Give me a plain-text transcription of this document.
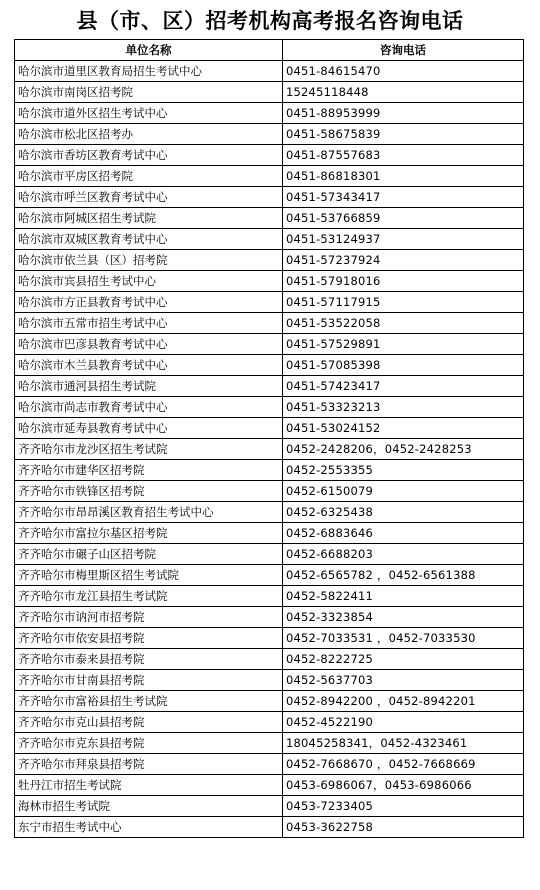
县（市、区）招考机构高考报名咨询电话
单位名称	咨询电话
哈尔滨市道里区教育局招生考试中心	0451-84615470
哈尔滨市南岗区招考院	15245118448
哈尔滨市道外区招生考试中心	0451-88953999
哈尔滨市松北区招考办	0451-58675839
哈尔滨市香坊区教育考试中心	0451-87557683
哈尔滨市平房区招考院	0451-86818301
哈尔滨市呼兰区教育考试中心	0451-57343417
哈尔滨市阿城区招生考试院	0451-53766859
哈尔滨市双城区教育考试中心	0451-53124937
哈尔滨市依兰县（区）招考院	0451-57237924
哈尔滨市宾县招生考试中心	0451-57918016
哈尔滨市方正县教育考试中心	0451-57117915
哈尔滨市五常市招生考试中心	0451-53522058
哈尔滨市巴彦县教育考试中心	0451-57529891
哈尔滨市木兰县教育考试中心	0451-57085398
哈尔滨市通河县招生考试院	0451-57423417
哈尔滨市尚志市教育考试中心	0451-53323213
哈尔滨市延寿县教育考试中心	0451-53024152
齐齐哈尔市龙沙区招生考试院	0452-2428206，0452-2428253
齐齐哈尔市建华区招考院	0452-2553355
齐齐哈尔市铁锋区招考院	0452-6150079
齐齐哈尔市昂昂溪区教育招生考试中心	0452-6325438
齐齐哈尔市富拉尔基区招考院	0452-6883646
齐齐哈尔市碾子山区招考院	0452-6688203
齐齐哈尔市梅里斯区招生考试院	0452-6565782 ，0452-6561388
齐齐哈尔市龙江县招生考试院	0452-5822411
齐齐哈尔市讷河市招考院	0452-3323854
齐齐哈尔市依安县招考院	0452-7033531 ，0452-7033530
齐齐哈尔市泰来县招考院	0452-8222725
齐齐哈尔市甘南县招考院	0452-5637703
齐齐哈尔市富裕县招生考试院	0452-8942200 ，0452-8942201
齐齐哈尔市克山县招考院	0452-4522190
齐齐哈尔市克东县招考院	18045258341，0452-4323461
齐齐哈尔市拜泉县招考院	0452-7668670 ，0452-7668669
牡丹江市招生考试院	0453-6986067，0453-6986066
海林市招生考试院	0453-7233405
东宁市招生考试中心	0453-3622758
